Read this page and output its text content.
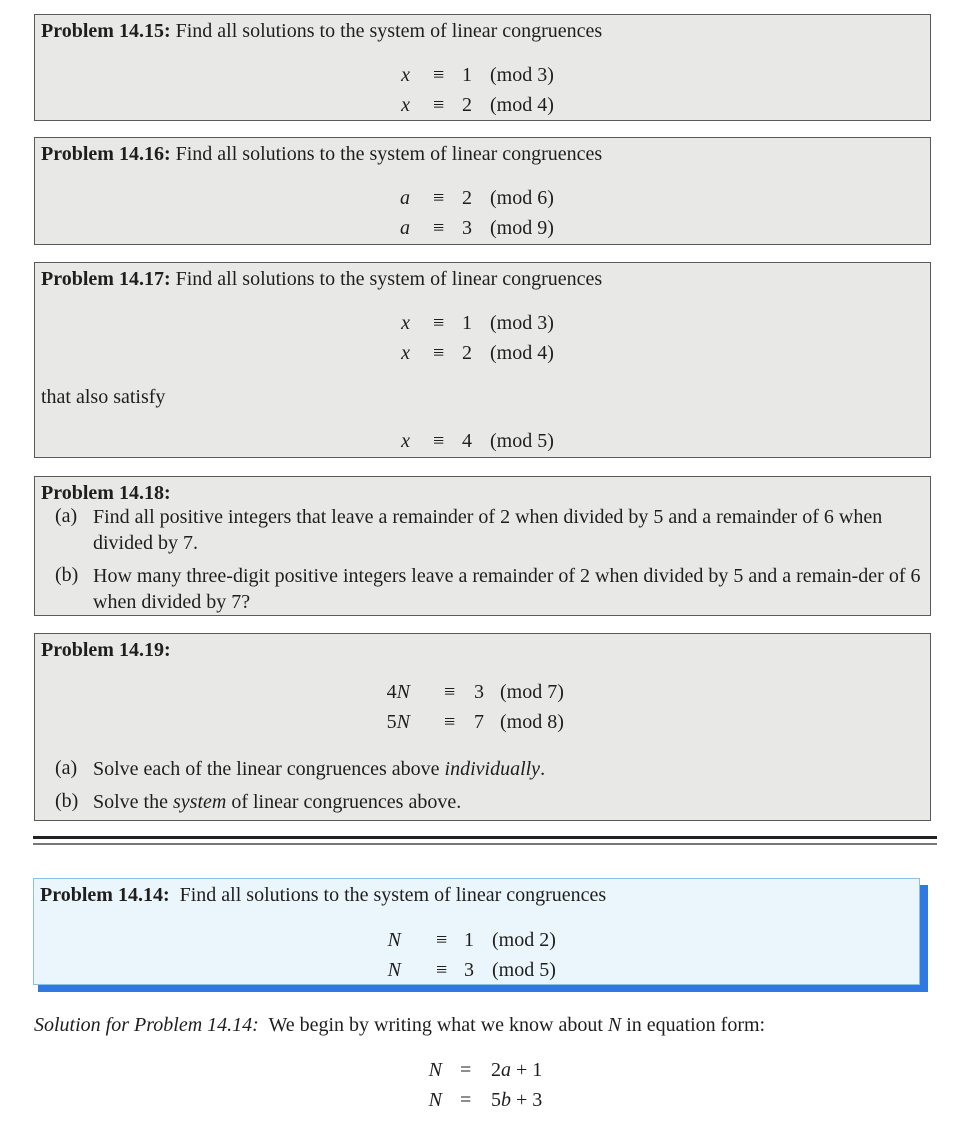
Problem 14.15: Find all solutions to the system of linear congruences
x ≡ 1 (mod 3)
x ≡ 2 (mod 4)
Problem 14.16: Find all solutions to the system of linear congruences
a ≡ 2 (mod 6)
a ≡ 3 (mod 9)
Problem 14.17: Find all solutions to the system of linear congruences
x ≡ 1 (mod 3)
x ≡ 2 (mod 4)
that also satisfy
x ≡ 4 (mod 5)
Problem 14.18:
(a) Find all positive integers that leave a remainder of 2 when divided by 5 and a remainder of 6 when divided by 7.
(b) How many three-digit positive integers leave a remainder of 2 when divided by 5 and a remain-der of 6 when divided by 7?
Problem 14.19:
4N ≡ 3 (mod 7)
5N ≡ 7 (mod 8)
(a) Solve each of the linear congruences above individually.
(b) Solve the system of linear congruences above.
Problem 14.14: Find all solutions to the system of linear congruences
N ≡ 1 (mod 2)
N ≡ 3 (mod 5)
Solution for Problem 14.14: We begin by writing what we know about N in equation form:
N = 2a + 1
N = 5b + 3
